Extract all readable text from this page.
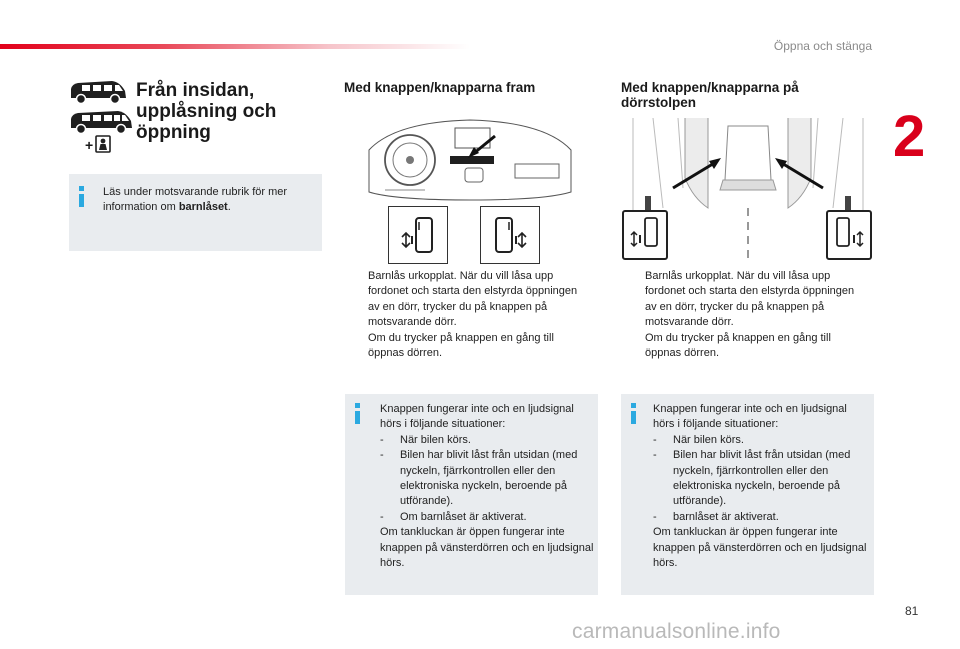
Öppna och stänga
2
+
Från insidan,
upplåsning och
öppning
Läs under motsvarande rubrik för mer information om barnlåset.
Med knappen/knapparna fram
Barnlås urkopplat. När du vill låsa upp fordonet och starta den elstyrda öppningen av en dörr, trycker du på knappen på motsvarande dörr.
Om du trycker på knappen en gång till öppnas dörren.
Knappen fungerar inte och en ljudsignal hörs i följande situationer:
- När bilen körs.
- Bilen har blivit låst från utsidan (med nyckeln, fjärrkontrollen eller den elektroniska nyckeln, beroende på utförande).
- Om barnlåset är aktiverat.
Om tankluckan är öppen fungerar inte knappen på vänsterdörren och en ljudsignal hörs.
Med knappen/knapparna på
dörrstolpen
Barnlås urkopplat. När du vill låsa upp fordonet och starta den elstyrda öppningen av en dörr, trycker du på knappen på motsvarande dörr.
Om du trycker på knappen en gång till öppnas dörren.
Knappen fungerar inte och en ljudsignal hörs i följande situationer:
- När bilen körs.
- Bilen har blivit låst från utsidan (med nyckeln, fjärrkontrollen eller den elektroniska nyckeln, beroende på utförande).
- barnlåset är aktiverat.
Om tankluckan är öppen fungerar inte knappen på vänsterdörren och en ljudsignal hörs.
81
carmanualsonline.info
